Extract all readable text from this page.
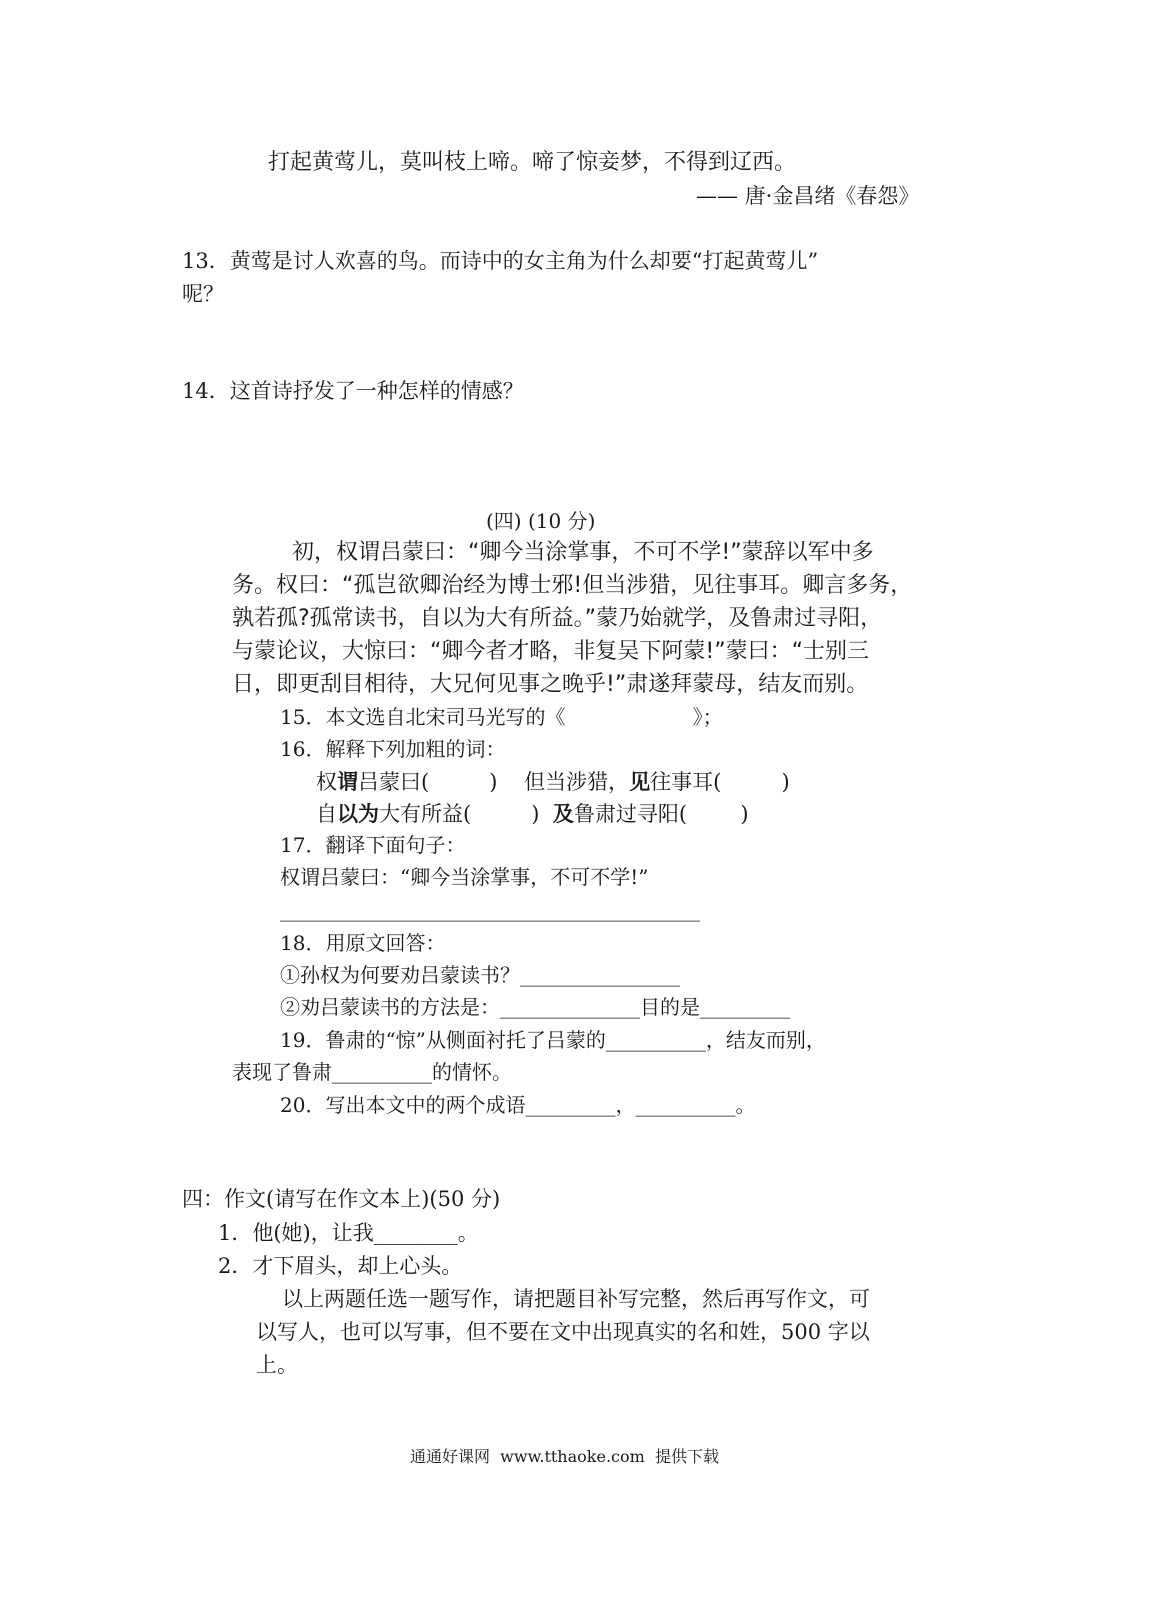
打起黄莺儿，莫叫枝上啼。啼了惊妾梦，不得到辽西。
—— 唐·金昌绪《春怨》
13．黄莺是讨人欢喜的鸟。而诗中的女主角为什么却要“打起黄莺儿”
呢？
14．这首诗抒发了一种怎样的情感？
(四) (10 分)
初，权谓吕蒙曰：“卿今当涂掌事，不可不学!”蒙辞以军中多
务。权曰：“孤岂欲卿治经为博士邪!但当涉猎，见往事耳。卿言多务，
孰若孤?孤常读书，自以为大有所益。”蒙乃始就学，及鲁肃过寻阳，
与蒙论议，大惊曰：“卿今者才略，非复吴下阿蒙!”蒙曰：“士别三
日，即更刮目相待，大兄何见事之晚乎!”肃遂拜蒙母，结友而别。
15．本文选自北宋司马光写的《                    》；
16．解释下列加粗的词：
权谓吕蒙曰(         )    但当涉猎，见往事耳(         )
自以为大有所益(         )  及鲁肃过寻阳(        )
17．翻译下面句子：
权谓吕蒙曰：“卿今当涂掌事，不可不学!”
__________________________________________
18．用原文回答：
①孙权为何要劝吕蒙读书？________________
②劝吕蒙读书的方法是：______________目的是_________
19．鲁肃的“惊”从侧面衬托了吕蒙的__________，结友而别，
表现了鲁肃__________的情怀。
20．写出本文中的两个成语_________，__________。
四：作文(请写在作文本上)(50 分)
1．他(她)，让我________。
2．才下眉头，却上心头。
以上两题任选一题写作，请把题目补写完整，然后再写作文，可
以写人，也可以写事，但不要在文中出现真实的名和姓，500 字以
上。
通通好课网  www.tthaoke.com  提供下载
